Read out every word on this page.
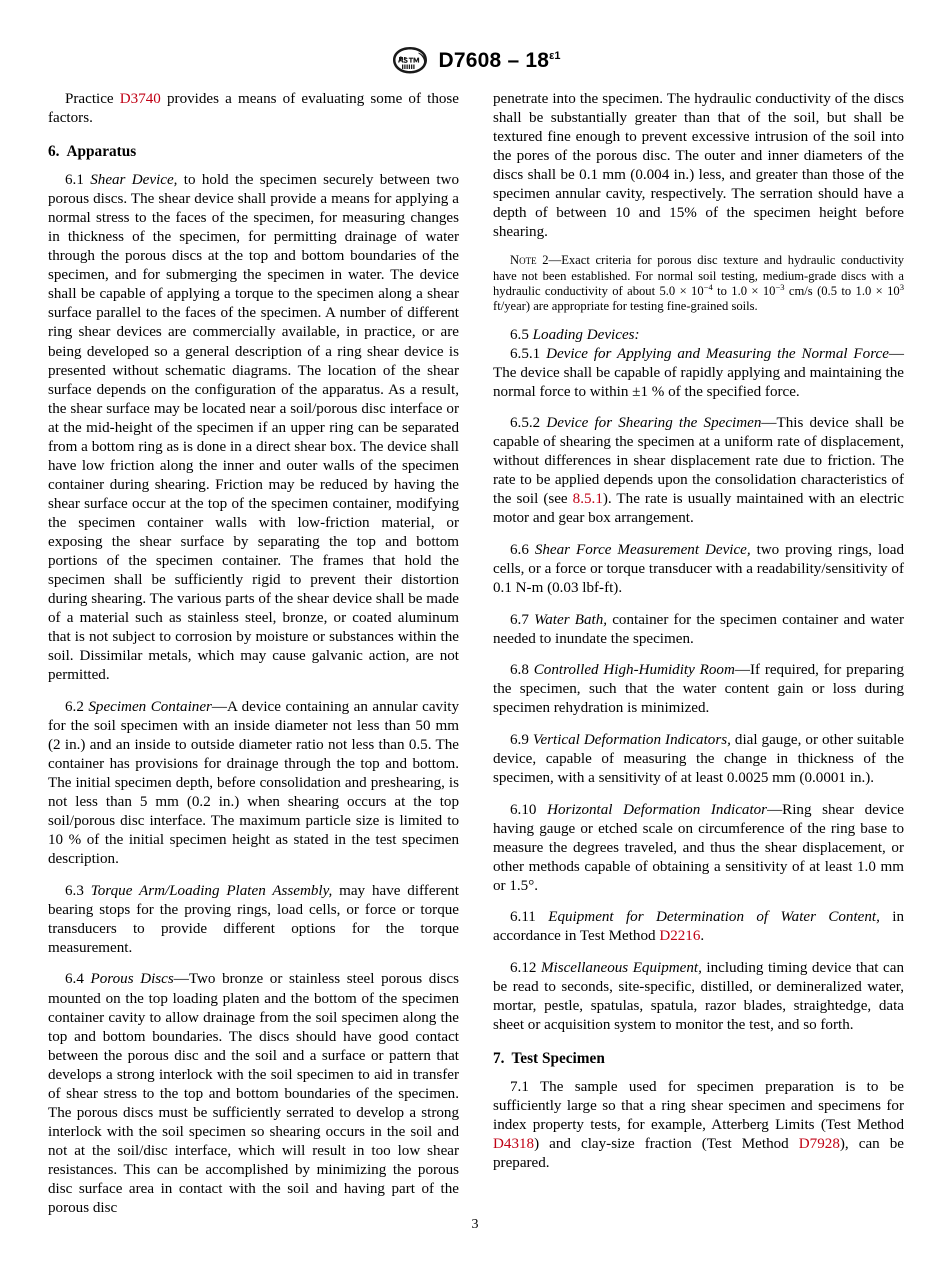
$D7608 - 18^{\varepsilon 1}$

Practice D3740 provides a means of evaluating some of those factors.

6. Apparatus

6.1 Shear Device, to hold the specimen securely between two porous discs. The shear device shall provide a means for applying a normal stress to the faces of the specimen, for measuring changes in thickness of the specimen, for permitting drainage of water through the porous discs at the top and bottom boundaries of the specimen, and for submerging the specimen in water. The device shall be capable of applying a torque to the specimen along a shear surface parallel to the faces of the specimen. A number of different ring shear devices are commercially available, in practice, or are being developed so a general description of a ring shear device is presented without schematic diagrams. The location of the shear surface depends on the configuration of the apparatus. As a result, the shear surface may be located near a soil/porous disc interface or at the mid-height of the specimen if an upper ring can be separated from a bottom ring as is done in a direct shear box. The device shall have low friction along the inner and outer walls of the specimen container during shearing. Friction may be reduced by having the shear surface occur at the top of the specimen container, modifying the specimen container walls with low-friction material, or exposing the shear surface by separating the top and bottom portions of the specimen container. The frames that hold the specimen shall be sufficiently rigid to prevent their distortion during shearing. The various parts of the shear device shall be made of a material such as stainless steel, bronze, or coated aluminum that is not subject to corrosion by moisture or substances within the soil. Dissimilar metals, which may cause galvanic action, are not permitted.

6.2 Specimen Container—A device containing an annular cavity for the soil specimen with an inside diameter not less than 50 mm (2 in.) and an inside to outside diameter ratio not less than 0.5. The container has provisions for drainage through the top and bottom. The initial specimen depth, before consolidation and preshearing, is not less than 5 mm (0.2 in.) when shearing occurs at the top soil/porous disc interface. The maximum particle size is limited to 10 % of the initial specimen height as stated in the test specimen description.

6.3 Torque Arm/Loading Platen Assembly, may have different bearing stops for the proving rings, load cells, or force or torque transducers to provide different options for the torque measurement.

6.4 Porous Discs—Two bronze or stainless steel porous discs mounted on the top loading platen and the bottom of the specimen container cavity to allow drainage from the soil specimen along the top and bottom boundaries. The discs should have good contact between the porous disc and the soil and a surface or pattern that develops a strong interlock with the soil specimen to aid in transfer of shear stress to the top and bottom boundaries of the specimen. The porous discs must be sufficiently serrated to develop a strong interlock with the soil specimen so shearing occurs in the soil and not at the soil/disc interface, which will result in too low shear resistances. This can be accomplished by minimizing the porous disc surface area in contact with the soil and having part of the porous disc

penetrate into the specimen. The hydraulic conductivity of the discs shall be substantially greater than that of the soil, but shall be textured fine enough to prevent excessive intrusion of the soil into the pores of the porous disc. The outer and inner diameters of the discs shall be 0.1 mm (0.004 in.) less, and greater than those of the specimen annular cavity, respectively. The serration should have a depth of between 10 and 15% of the specimen height before shearing.

Note 2—Exact criteria for porous disc texture and hydraulic conductivity have not been established. For normal soil testing, medium-grade discs with a hydraulic conductivity of about $5.0 \times 10^{-4}$ to $1.0 \times 10^{-3}$ cm/s (0.5 to $1.0 \times 10^3$ ft/year) are appropriate for testing fine-grained soils.

6.5 Loading Devices:

6.5.1 Device for Applying and Measuring the Normal Force—The device shall be capable of rapidly applying and maintaining the normal force to within ±1 % of the specified force.

6.5.2 Device for Shearing the Specimen—This device shall be capable of shearing the specimen at a uniform rate of displacement, without differences in shear displacement rate due to friction. The rate to be applied depends upon the consolidation characteristics of the soil (see 8.5.1). The rate is usually maintained with an electric motor and gear box arrangement.

6.6 Shear Force Measurement Device, two proving rings, load cells, or a force or torque transducer with a readability/sensitivity of 0.1 N-m (0.03 lbf-ft).

6.7 Water Bath, container for the specimen container and water needed to inundate the specimen.

6.8 Controlled High-Humidity Room—If required, for preparing the specimen, such that the water content gain or loss during specimen rehydration is minimized.

6.9 Vertical Deformation Indicators, dial gauge, or other suitable device, capable of measuring the change in thickness of the specimen, with a sensitivity of at least 0.0025 mm (0.0001 in.).

6.10 Horizontal Deformation Indicator—Ring shear device having gauge or etched scale on circumference of the ring base to measure the degrees traveled, and thus the shear displacement, or other methods capable of obtaining a sensitivity of at least 1.0 mm or 1.5°.

6.11 Equipment for Determination of Water Content, in accordance in Test Method D2216.

6.12 Miscellaneous Equipment, including timing device that can be read to seconds, site-specific, distilled, or demineralized water, mortar, pestle, spatulas, spatula, razor blades, straightedge, data sheet or acquisition system to monitor the test, and so forth.

7. Test Specimen

7.1 The sample used for specimen preparation is to be sufficiently large so that a ring shear specimen and specimens for index property tests, for example, Atterberg Limits (Test Method D4318) and clay-size fraction (Test Method D7928), can be prepared.

3
